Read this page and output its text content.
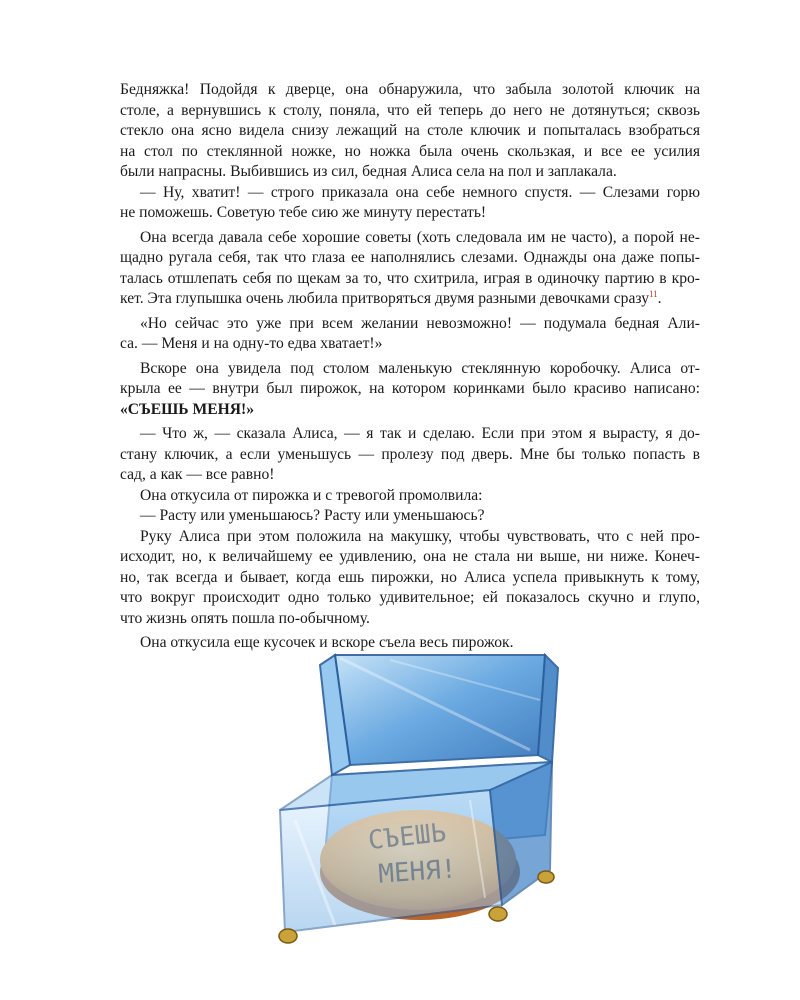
Бедняжка! Подойдя к дверце, она обнаружила, что забыла золотой ключик на
столе, а вернувшись к столу, поняла, что ей теперь до него не дотянуться; сквозь
стекло она ясно видела снизу лежащий на столе ключик и попыталась взобраться
на стол по стеклянной ножке, но ножка была очень скользкая, и все ее усилия
были напрасны. Выбившись из сил, бедная Алиса села на пол и заплакала.
— Ну, хватит! — строго приказала она себе немного спустя. — Слезами горю
не поможешь. Советую тебе сию же минуту перестать!
Она всегда давала себе хорошие советы (хоть следовала им не часто), а порой не-
щадно ругала себя, так что глаза ее наполнялись слезами. Однажды она даже попы-
талась отшлепать себя по щекам за то, что схитрила, играя в одиночку партию в кро-
кет. Эта глупышка очень любила притворяться двумя разными девочками сразу$^{11}$.
«Но сейчас это уже при всем желании невозможно! — подумала бедная Али-
са. — Меня и на одну-то едва хватает!»
Вскоре она увидела под столом маленькую стеклянную коробочку. Алиса от-
крыла ее — внутри был пирожок, на котором коринками было красиво написано:
«СЪЕШЬ МЕНЯ!»
— Что ж, — сказала Алиса, — я так и сделаю. Если при этом я вырасту, я до-
стану ключик, а если уменьшусь — пролезу под дверь. Мне бы только попасть в
сад, а как — все равно!
Она откусила от пирожка и с тревогой промолвила:
— Расту или уменьшаюсь? Расту или уменьшаюсь?
Руку Алиса при этом положила на макушку, чтобы чувствовать, что с ней про-
исходит, но, к величайшему ее удивлению, она не стала ни выше, ни ниже. Конеч-
но, так всегда и бывает, когда ешь пирожки, но Алиса успела привыкнуть к тому,
что вокруг происходит одно только удивительное; ей показалось скучно и глупо,
что жизнь опять пошла по-обычному.
Она откусила еще кусочек и вскоре съела весь пирожок.
